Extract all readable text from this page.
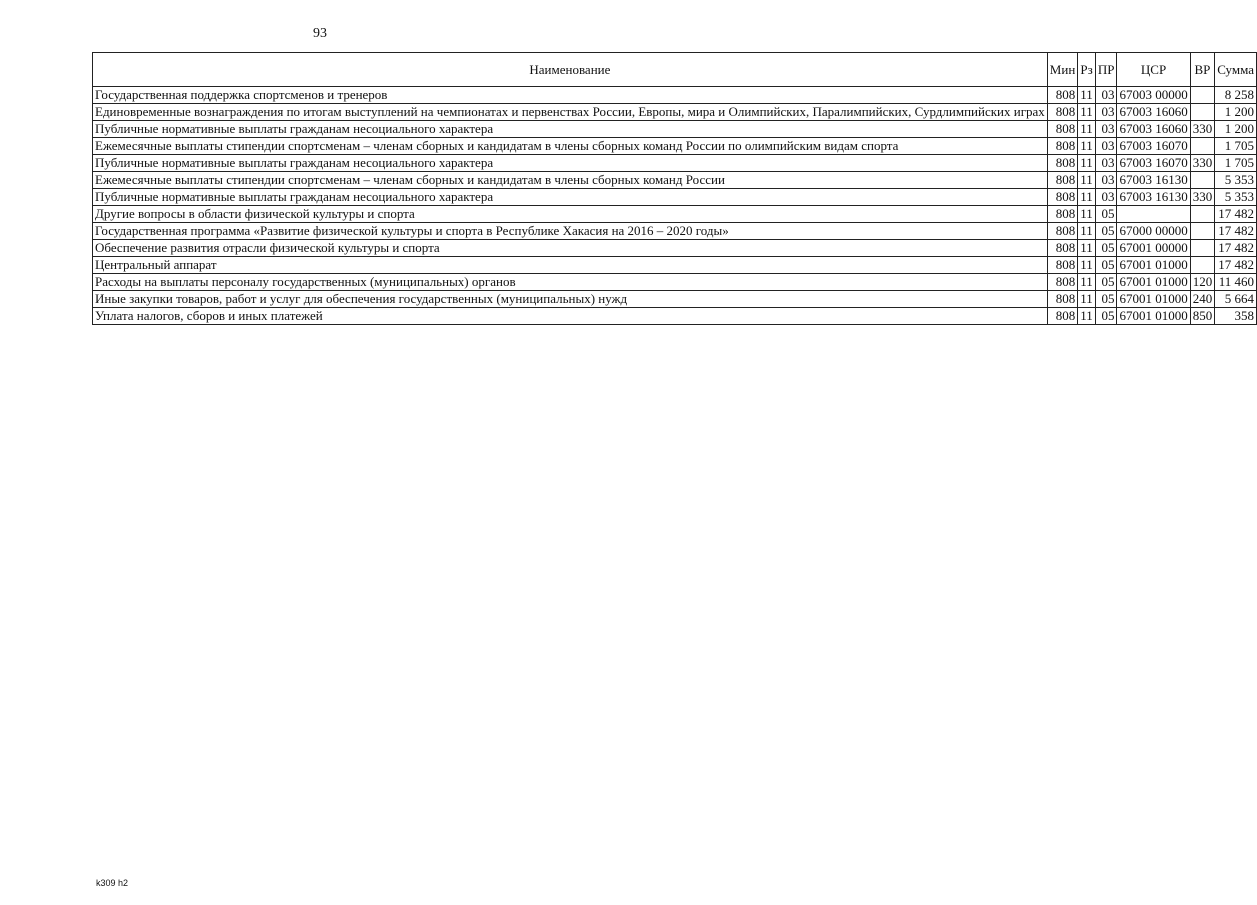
93
Наименование	Мин	Рз	ПР	ЦСР	ВР	Сумма
Государственная поддержка спортсменов и тренеров	808	11	03	67003 00000		8 258
Единовременные вознаграждения по итогам выступлений на чемпионатах и первенствах России, Европы, мира и Олимпийских, Паралимпийских, Сурдлимпийских играх	808	11	03	67003 16060		1 200
Публичные нормативные выплаты гражданам несоциального характера	808	11	03	67003 16060	330	1 200
Ежемесячные выплаты стипендии спортсменам – членам сборных и кандидатам в члены сборных команд России по олимпийским видам спорта	808	11	03	67003 16070		1 705
Публичные нормативные выплаты гражданам несоциального характера	808	11	03	67003 16070	330	1 705
Ежемесячные выплаты стипендии спортсменам – членам сборных и кандидатам в члены сборных команд России	808	11	03	67003 16130		5 353
Публичные нормативные выплаты гражданам несоциального характера	808	11	03	67003 16130	330	5 353
Другие вопросы в области физической культуры и спорта	808	11	05			17 482
Государственная программа «Развитие физической культуры и спорта в Республике Хакасия на 2016 – 2020 годы»	808	11	05	67000 00000		17 482
Обеспечение развития отрасли физической культуры и спорта	808	11	05	67001 00000		17 482
Центральный аппарат	808	11	05	67001 01000		17 482
Расходы на выплаты персоналу государственных (муниципальных) органов	808	11	05	67001 01000	120	11 460
Иные закупки товаров, работ и услуг для обеспечения государственных (муниципальных) нужд	808	11	05	67001 01000	240	5 664
Уплата налогов, сборов и иных платежей	808	11	05	67001 01000	850	358
k309 h2
